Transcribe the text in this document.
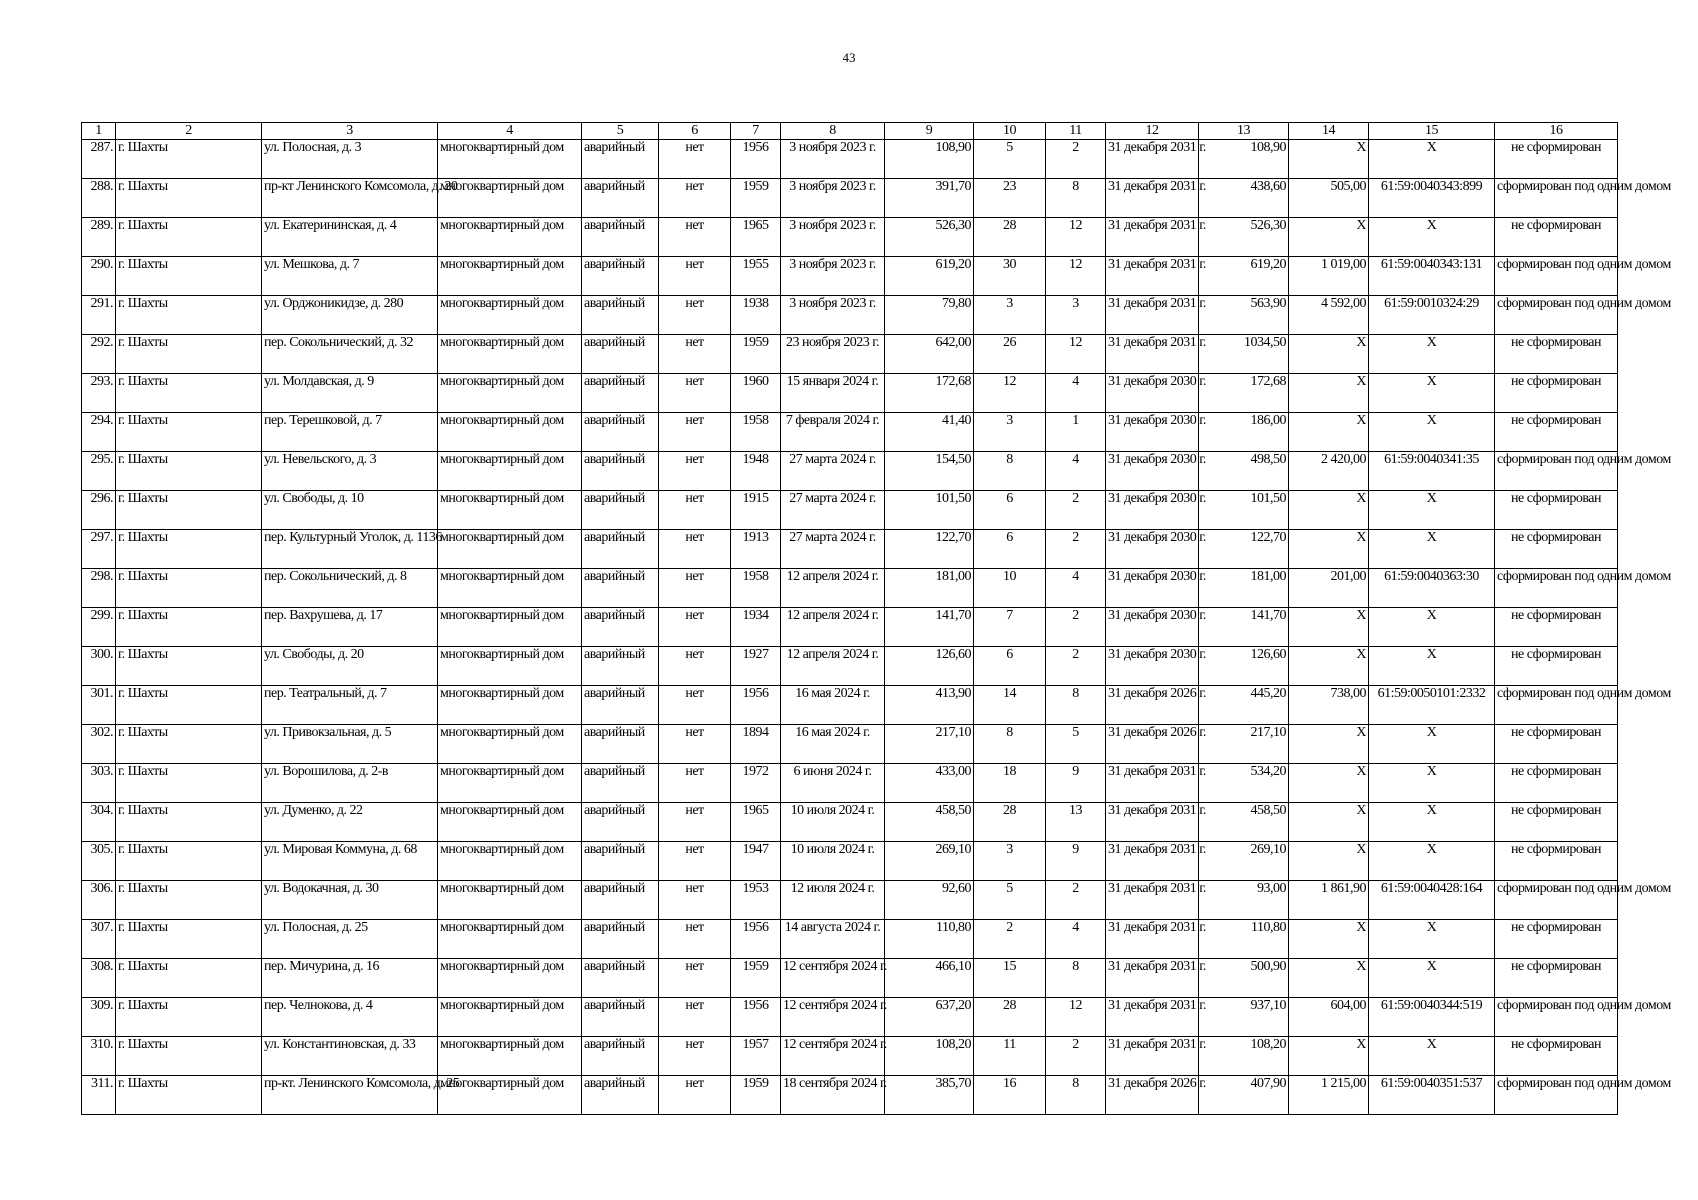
43
1	2	3	4	5	6	7	8	9	10	11	12	13	14	15	16
287.	г. Шахты	ул. Полосная, д. 3	многоквартирный дом	аварийный	нет	1956	3 ноября 2023 г.	108,90	5	2	31 декабря 2031 г.	108,90	Х	Х	не сформирован
288.	г. Шахты	пр-кт Ленинского Комсомола, д. 20	многоквартирный дом	аварийный	нет	1959	3 ноября 2023 г.	391,70	23	8	31 декабря 2031 г.	438,60	505,00	61:59:0040343:899	сформирован под одним домом
289.	г. Шахты	ул. Екатерининская, д. 4	многоквартирный дом	аварийный	нет	1965	3 ноября 2023 г.	526,30	28	12	31 декабря 2031 г.	526,30	Х	Х	не сформирован
290.	г. Шахты	ул. Мешкова, д. 7	многоквартирный дом	аварийный	нет	1955	3 ноября 2023 г.	619,20	30	12	31 декабря 2031 г.	619,20	1 019,00	61:59:0040343:131	сформирован под одним домом
291.	г. Шахты	ул. Орджоникидзе, д. 280	многоквартирный дом	аварийный	нет	1938	3 ноября 2023 г.	79,80	3	3	31 декабря 2031 г.	563,90	4 592,00	61:59:0010324:29	сформирован под одним домом
292.	г. Шахты	пер. Сокольнический, д. 32	многоквартирный дом	аварийный	нет	1959	23 ноября 2023 г.	642,00	26	12	31 декабря 2031 г.	1034,50	Х	Х	не сформирован
293.	г. Шахты	ул. Молдавская, д. 9	многоквартирный дом	аварийный	нет	1960	15 января 2024 г.	172,68	12	4	31 декабря 2030 г.	172,68	Х	Х	не сформирован
294.	г. Шахты	пер. Терешковой, д. 7	многоквартирный дом	аварийный	нет	1958	7 февраля 2024 г.	41,40	3	1	31 декабря 2030 г.	186,00	Х	Х	не сформирован
295.	г. Шахты	ул. Невельского, д. 3	многоквартирный дом	аварийный	нет	1948	27 марта 2024 г.	154,50	8	4	31 декабря 2030 г.	498,50	2 420,00	61:59:0040341:35	сформирован под одним домом
296.	г. Шахты	ул. Свободы, д. 10	многоквартирный дом	аварийный	нет	1915	27 марта 2024 г.	101,50	6	2	31 декабря 2030 г.	101,50	Х	Х	не сформирован
297.	г. Шахты	пер. Культурный Уголок, д. 1136	многоквартирный дом	аварийный	нет	1913	27 марта 2024 г.	122,70	6	2	31 декабря 2030 г.	122,70	Х	Х	не сформирован
298.	г. Шахты	пер. Сокольнический, д. 8	многоквартирный дом	аварийный	нет	1958	12 апреля 2024 г.	181,00	10	4	31 декабря 2030 г.	181,00	201,00	61:59:0040363:30	сформирован под одним домом
299.	г. Шахты	пер. Вахрушева, д. 17	многоквартирный дом	аварийный	нет	1934	12 апреля 2024 г.	141,70	7	2	31 декабря 2030 г.	141,70	Х	Х	не сформирован
300.	г. Шахты	ул. Свободы, д. 20	многоквартирный дом	аварийный	нет	1927	12 апреля 2024 г.	126,60	6	2	31 декабря 2030 г.	126,60	Х	Х	не сформирован
301.	г. Шахты	пер. Театральный, д. 7	многоквартирный дом	аварийный	нет	1956	16 мая 2024 г.	413,90	14	8	31 декабря 2026 г.	445,20	738,00	61:59:0050101:2332	сформирован под одним домом
302.	г. Шахты	ул. Привокзальная, д. 5	многоквартирный дом	аварийный	нет	1894	16 мая 2024 г.	217,10	8	5	31 декабря 2026 г.	217,10	Х	Х	не сформирован
303.	г. Шахты	ул. Ворошилова, д. 2-в	многоквартирный дом	аварийный	нет	1972	6 июня 2024 г.	433,00	18	9	31 декабря 2031 г.	534,20	Х	Х	не сформирован
304.	г. Шахты	ул. Думенко, д. 22	многоквартирный дом	аварийный	нет	1965	10 июля 2024 г.	458,50	28	13	31 декабря 2031 г.	458,50	Х	Х	не сформирован
305.	г. Шахты	ул. Мировая Коммуна, д. 68	многоквартирный дом	аварийный	нет	1947	10 июля 2024 г.	269,10	3	9	31 декабря 2031 г.	269,10	Х	Х	не сформирован
306.	г. Шахты	ул. Водокачная, д. 30	многоквартирный дом	аварийный	нет	1953	12 июля 2024 г.	92,60	5	2	31 декабря 2031 г.	93,00	1 861,90	61:59:0040428:164	сформирован под одним домом
307.	г. Шахты	ул. Полосная, д. 25	многоквартирный дом	аварийный	нет	1956	14 августа 2024 г.	110,80	2	4	31 декабря 2031 г.	110,80	Х	Х	не сформирован
308.	г. Шахты	пер. Мичурина, д. 16	многоквартирный дом	аварийный	нет	1959	12 сентября 2024 г.	466,10	15	8	31 декабря 2031 г.	500,90	Х	Х	не сформирован
309.	г. Шахты	пер. Челнокова, д. 4	многоквартирный дом	аварийный	нет	1956	12 сентября 2024 г.	637,20	28	12	31 декабря 2031 г.	937,10	604,00	61:59:0040344:519	сформирован под одним домом
310.	г. Шахты	ул. Константиновская, д. 33	многоквартирный дом	аварийный	нет	1957	12 сентября 2024 г.	108,20	11	2	31 декабря 2031 г.	108,20	Х	Х	не сформирован
311.	г. Шахты	пр-кт. Ленинского Комсомола, д. 25	многоквартирный дом	аварийный	нет	1959	18 сентября 2024 г.	385,70	16	8	31 декабря 2026 г.	407,90	1 215,00	61:59:0040351:537	сформирован под одним домом
